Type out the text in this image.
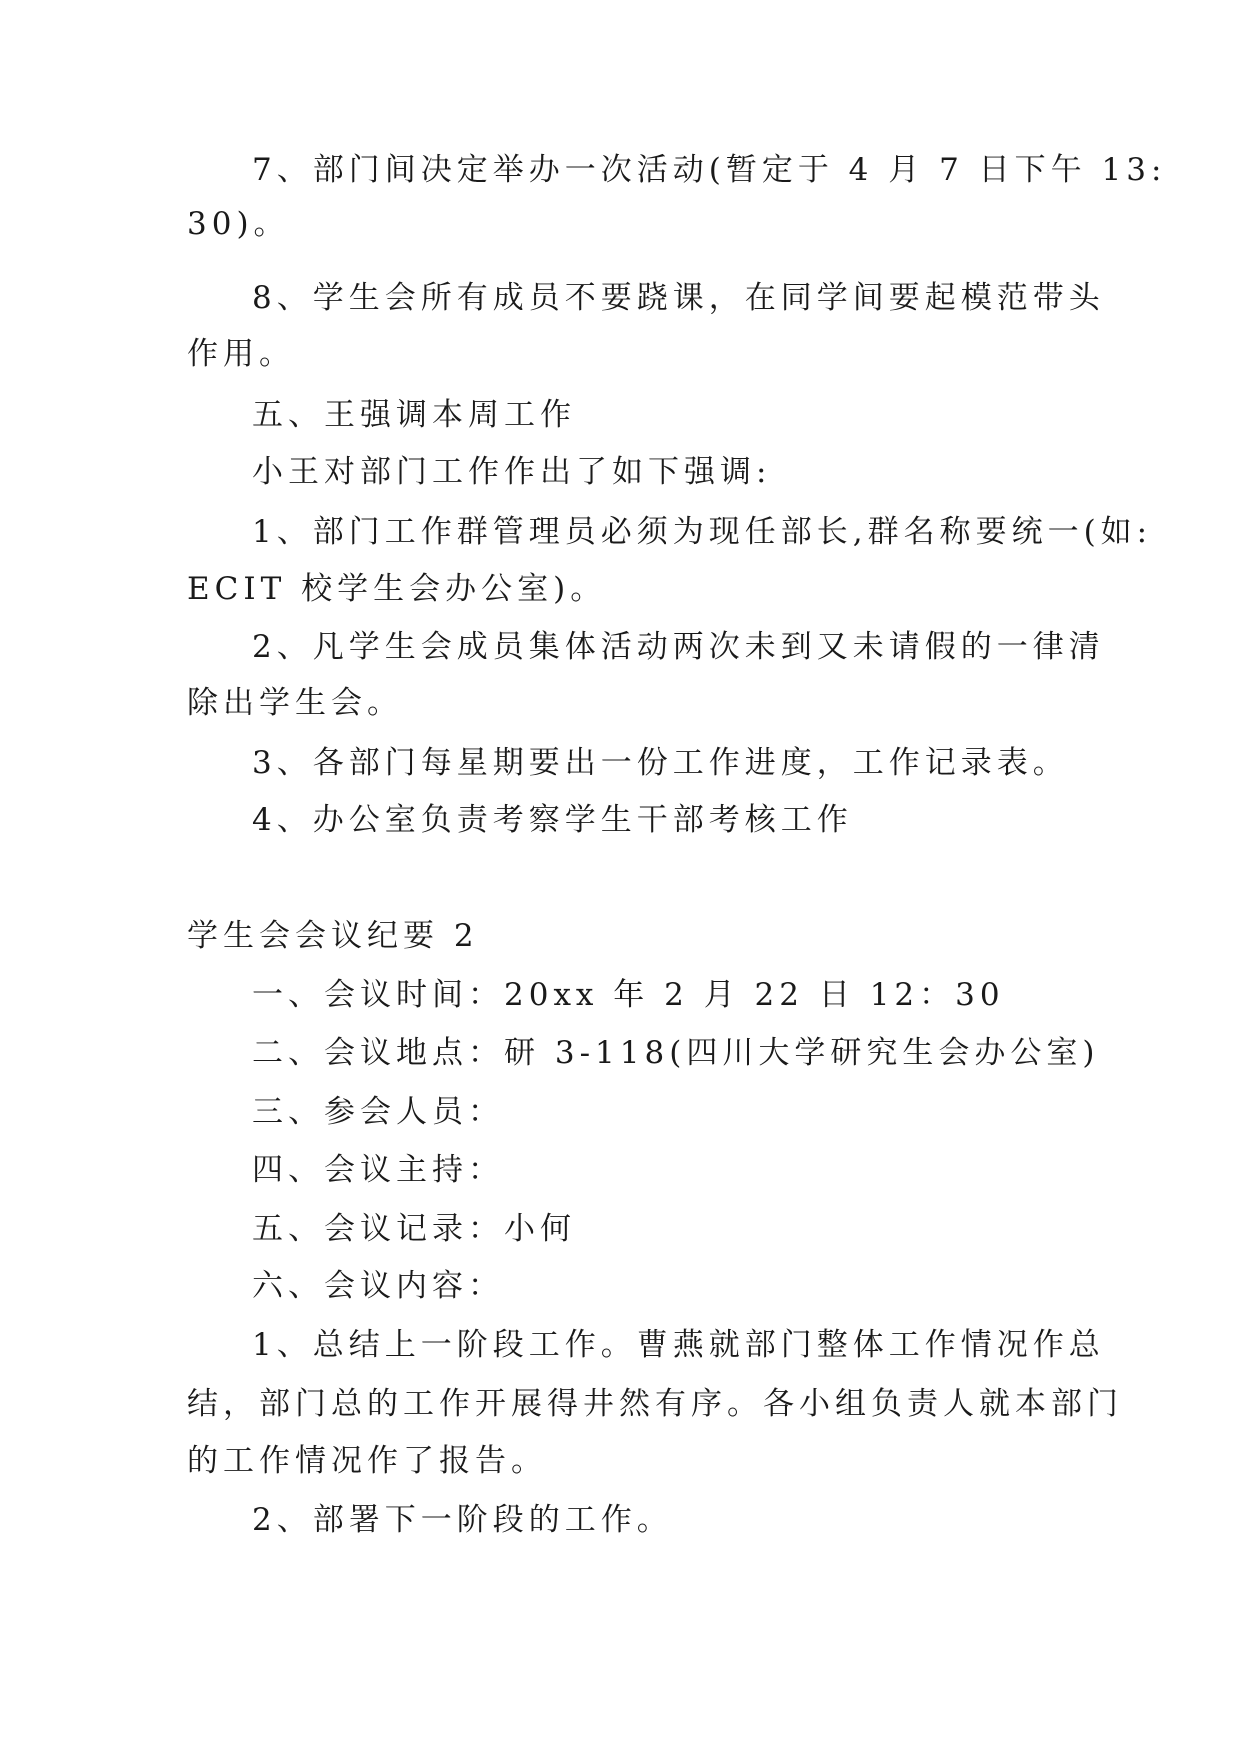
7、部门间决定举办一次活动(暂定于 4 月 7 日下午 13:
30)。
8、学生会所有成员不要跷课，在同学间要起模范带头
作用。
五、王强调本周工作
小王对部门工作作出了如下强调:
1、部门工作群管理员必须为现任部长,群名称要统一(如:
ECIT 校学生会办公室)。
2、凡学生会成员集体活动两次未到又未请假的一律清
除出学生会。
3、各部门每星期要出一份工作进度，工作记录表。
4、办公室负责考察学生干部考核工作
学生会会议纪要 2
一、会议时间：20xx 年 2 月 22 日 12：30
二、会议地点：研 3-118(四川大学研究生会办公室)
三、参会人员：
四、会议主持：
五、会议记录：小何
六、会议内容：
1、总结上一阶段工作。曹燕就部门整体工作情况作总
结，部门总的工作开展得井然有序。各小组负责人就本部门
的工作情况作了报告。
2、部署下一阶段的工作。
